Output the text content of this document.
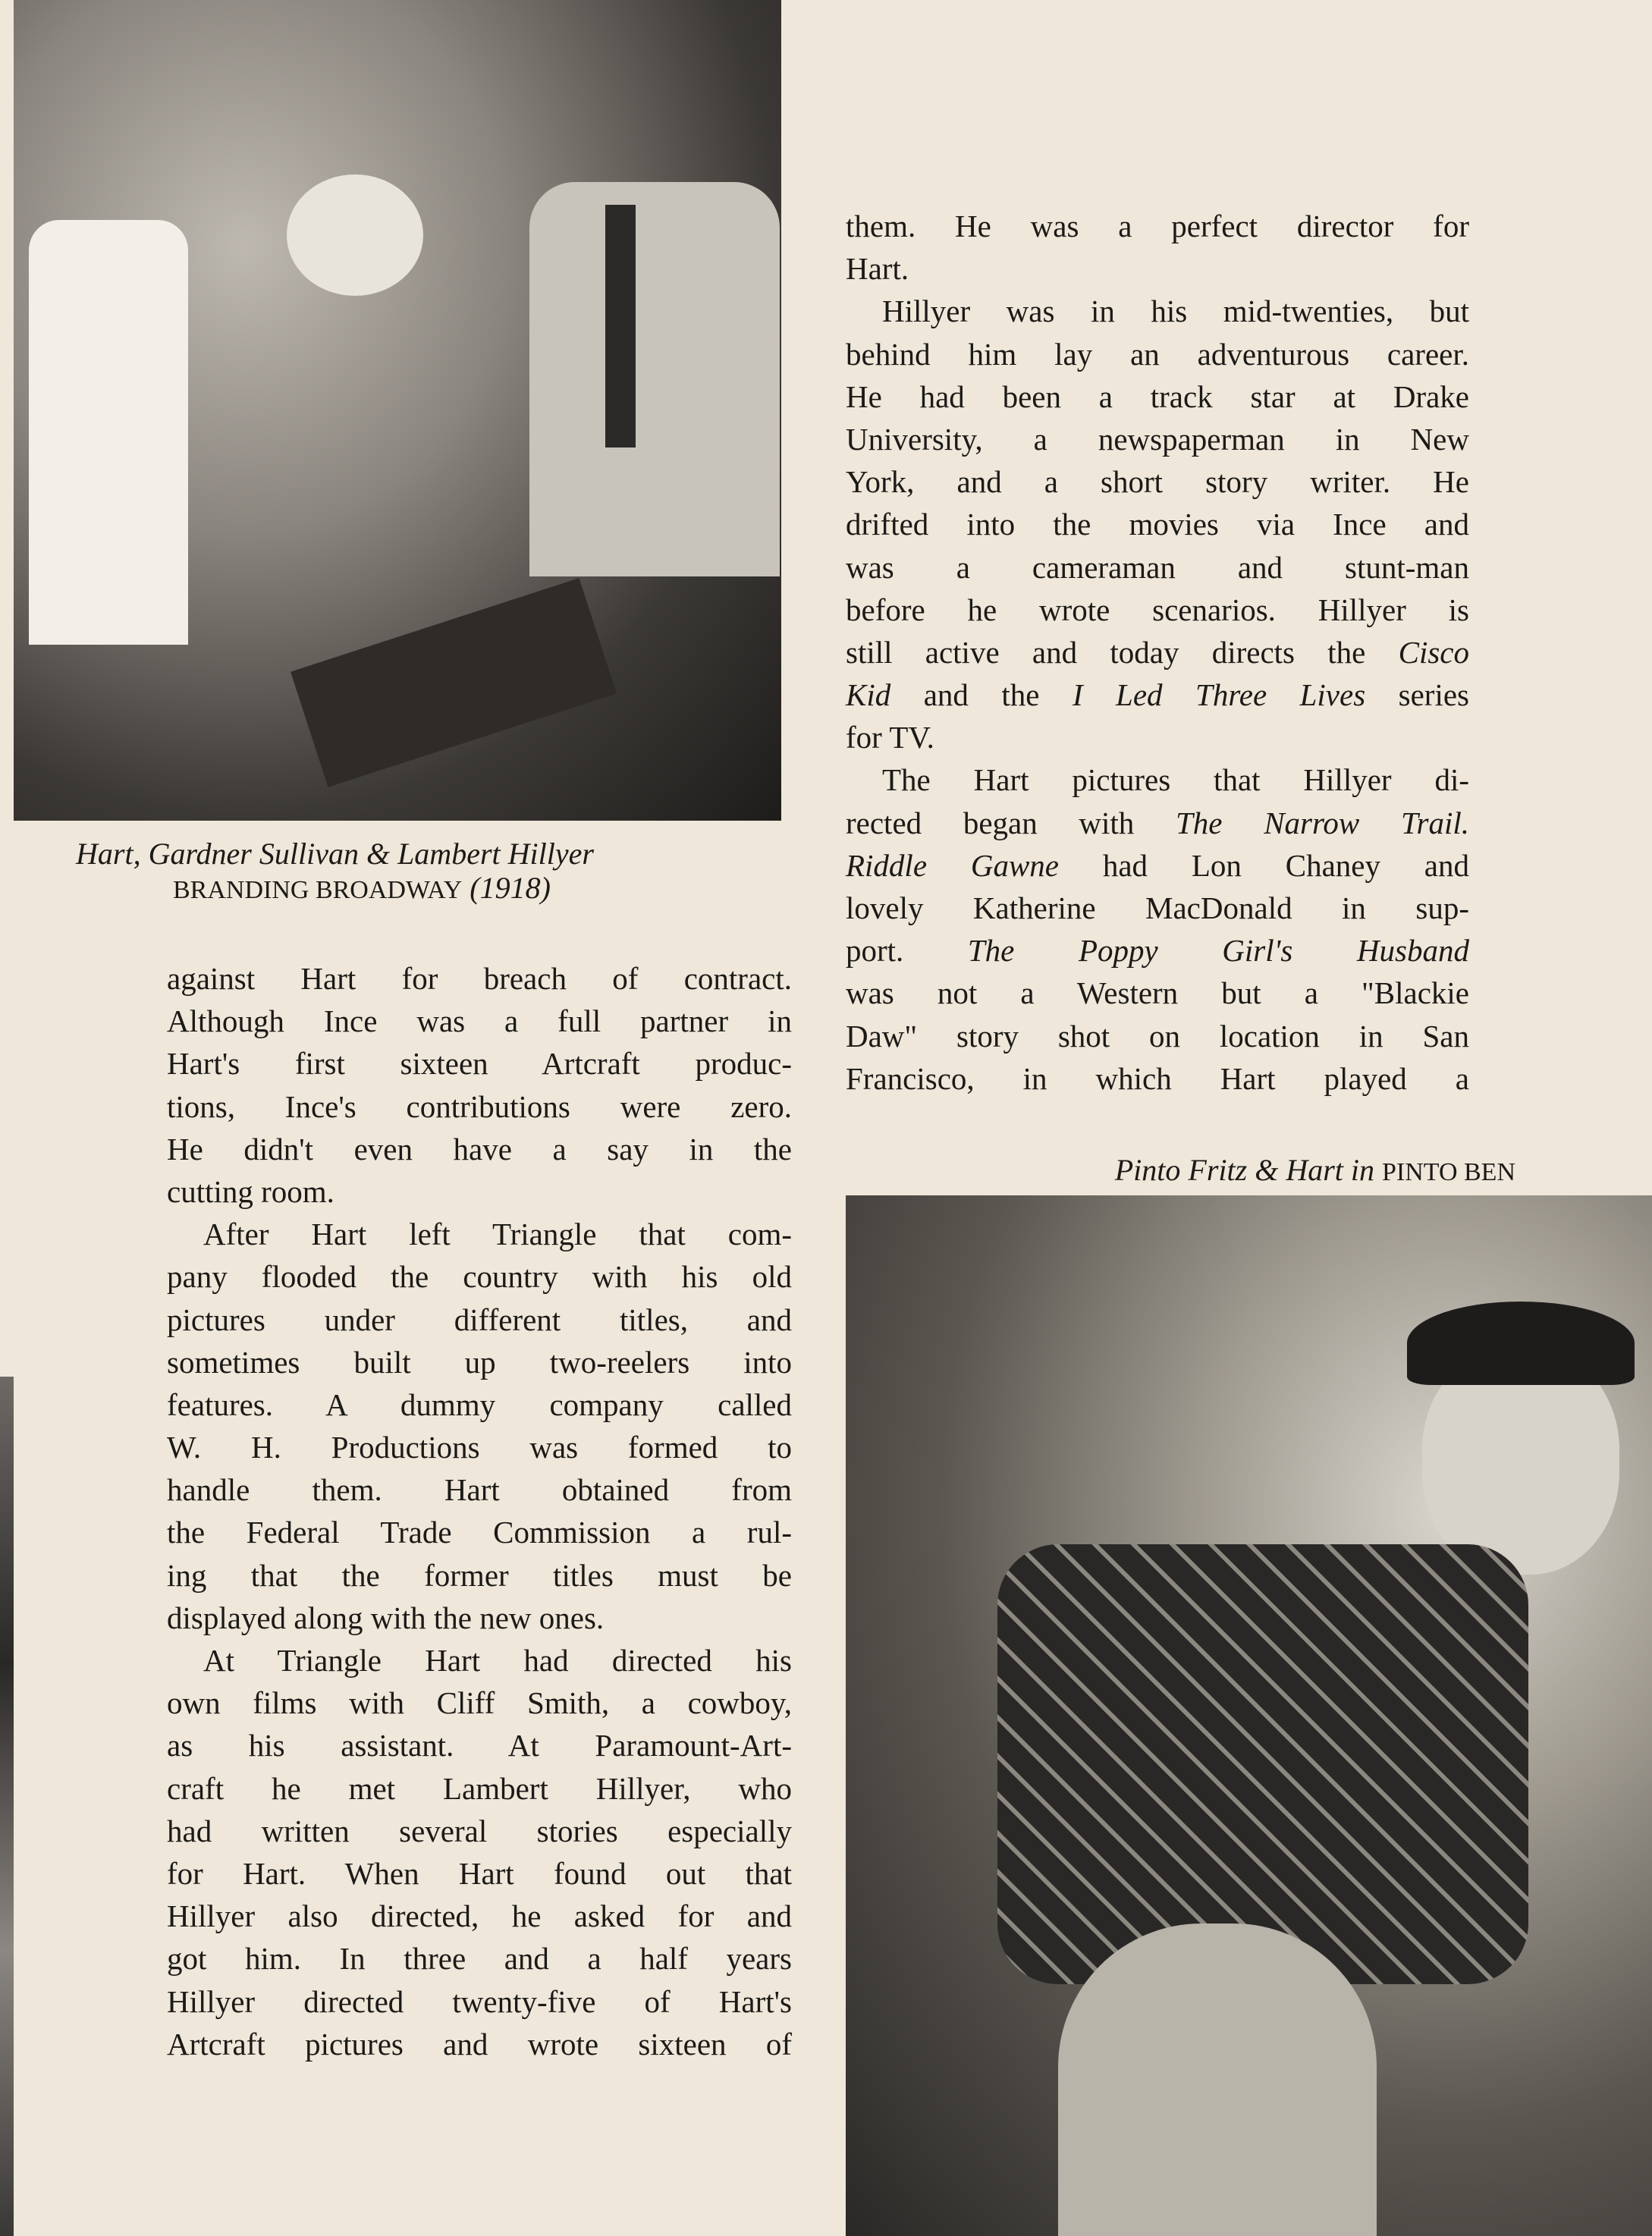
Hart, Gardner Sullivan & Lambert Hillyer
BRANDING BROADWAY (1918)
against Hart for breach of contract.
Although Ince was a full partner in
Hart's first sixteen Artcraft produc-
tions, Ince's contributions were zero.
He didn't even have a say in the
cutting room.
After Hart left Triangle that com-
pany flooded the country with his old
pictures under different titles, and
sometimes built up two-reelers into
features. A dummy company called
W. H. Productions was formed to
handle them. Hart obtained from
the Federal Trade Commission a rul-
ing that the former titles must be
displayed along with the new ones.
At Triangle Hart had directed his
own films with Cliff Smith, a cowboy,
as his assistant. At Paramount-Art-
craft he met Lambert Hillyer, who
had written several stories especially
for Hart. When Hart found out that
Hillyer also directed, he asked for and
got him. In three and a half years
Hillyer directed twenty-five of Hart's
Artcraft pictures and wrote sixteen of
them. He was a perfect director for
Hart.
Hillyer was in his mid-twenties, but
behind him lay an adventurous career.
He had been a track star at Drake
University, a newspaperman in New
York, and a short story writer. He
drifted into the movies via Ince and
was a cameraman and stunt-man
before he wrote scenarios. Hillyer is
still active and today directs the Cisco
Kid and the I Led Three Lives series
for TV.
The Hart pictures that Hillyer di-
rected began with The Narrow Trail.
Riddle Gawne had Lon Chaney and
lovely Katherine MacDonald in sup-
port. The Poppy Girl's Husband
was not a Western but a "Blackie
Daw" story shot on location in San
Francisco, in which Hart played a
Pinto Fritz & Hart in PINTO BEN
